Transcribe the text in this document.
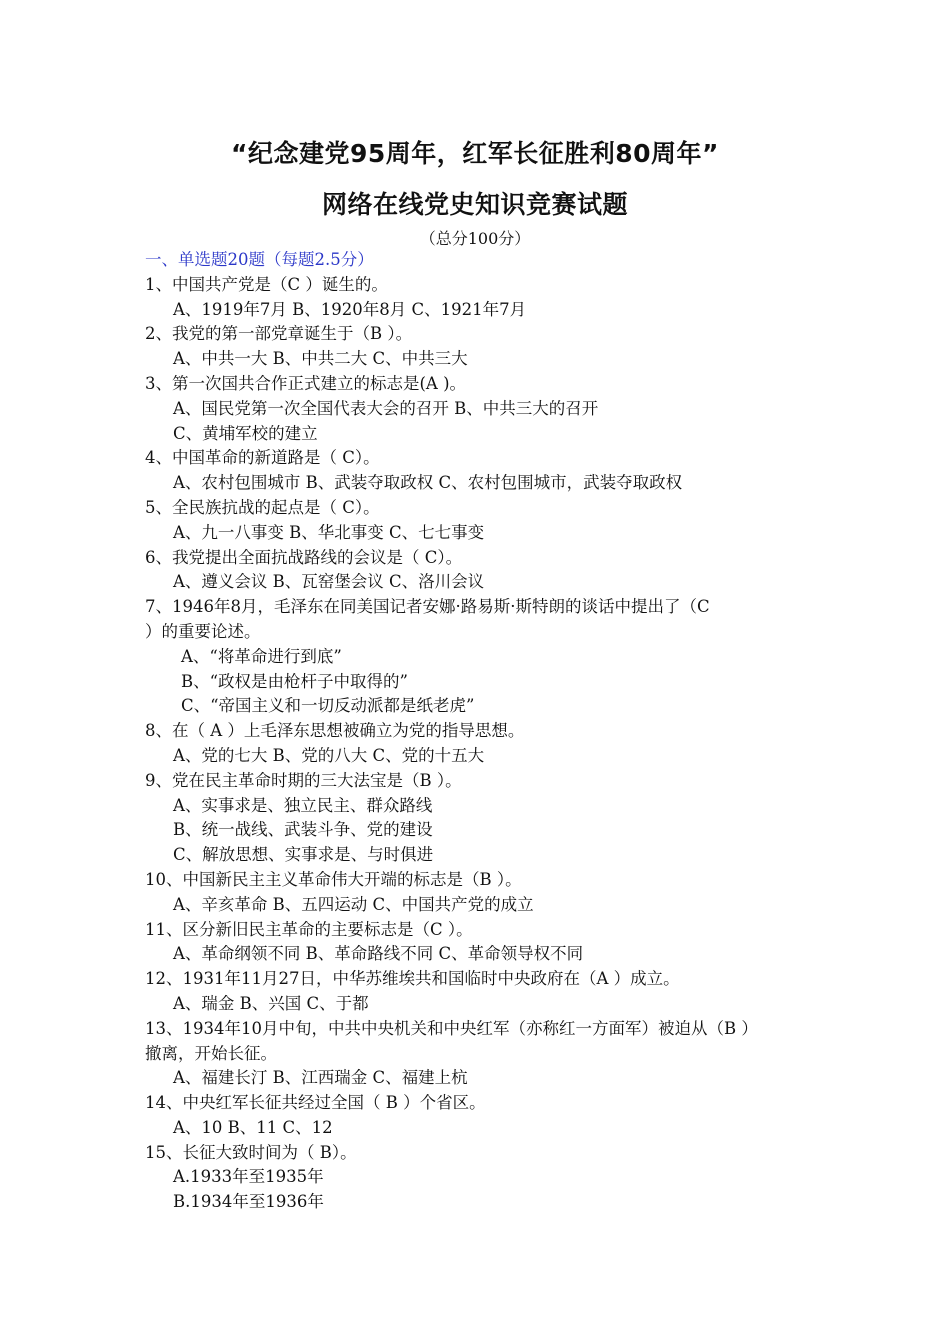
“纪念建党95周年，红军长征胜利80周年”
网络在线党史知识竞赛试题
（总分100分）
一、单选题20题（每题2.5分）
1、中国共产党是（C ）诞生的。
A、1919年7月 B、1920年8月 C、1921年7月
2、我党的第一部党章诞生于（B ）。
A、中共一大 B、中共二大 C、中共三大
3、第一次国共合作正式建立的标志是(A )。
A、国民党第一次全国代表大会的召开 B、中共三大的召开
C、黄埔军校的建立
4、中国革命的新道路是（ C）。
A、农村包围城市 B、武装夺取政权 C、农村包围城市，武装夺取政权
5、全民族抗战的起点是（ C）。
A、九一八事变 B、华北事变 C、七七事变
6、我党提出全面抗战路线的会议是（ C）。
A、遵义会议 B、瓦窑堡会议 C、洛川会议
7、1946年8月，毛泽东在同美国记者安娜·路易斯·斯特朗的谈话中提出了（C
）的重要论述。
A、“将革命进行到底”
B、“政权是由枪杆子中取得的”
C、“帝国主义和一切反动派都是纸老虎”
8、在（ A ）上毛泽东思想被确立为党的指导思想。
A、党的七大 B、党的八大 C、党的十五大
9、党在民主革命时期的三大法宝是（B ）。
A、实事求是、独立民主、群众路线
B、统一战线、武装斗争、党的建设
C、解放思想、实事求是、与时俱进
10、中国新民主主义革命伟大开端的标志是（B ）。
A、辛亥革命 B、五四运动 C、中国共产党的成立
11、区分新旧民主革命的主要标志是（C ）。
A、革命纲领不同 B、革命路线不同 C、革命领导权不同
12、1931年11月27日，中华苏维埃共和国临时中央政府在（A ）成立。
A、瑞金 B、兴国 C、于都
13、1934年10月中旬，中共中央机关和中央红军（亦称红一方面军）被迫从（B ）
撤离，开始长征。
A、福建长汀 B、江西瑞金 C、福建上杭
14、中央红军长征共经过全国（ B ）个省区。
A、10 B、11 C、12
15、长征大致时间为（ B）。
A.1933年至1935年
B.1934年至1936年
